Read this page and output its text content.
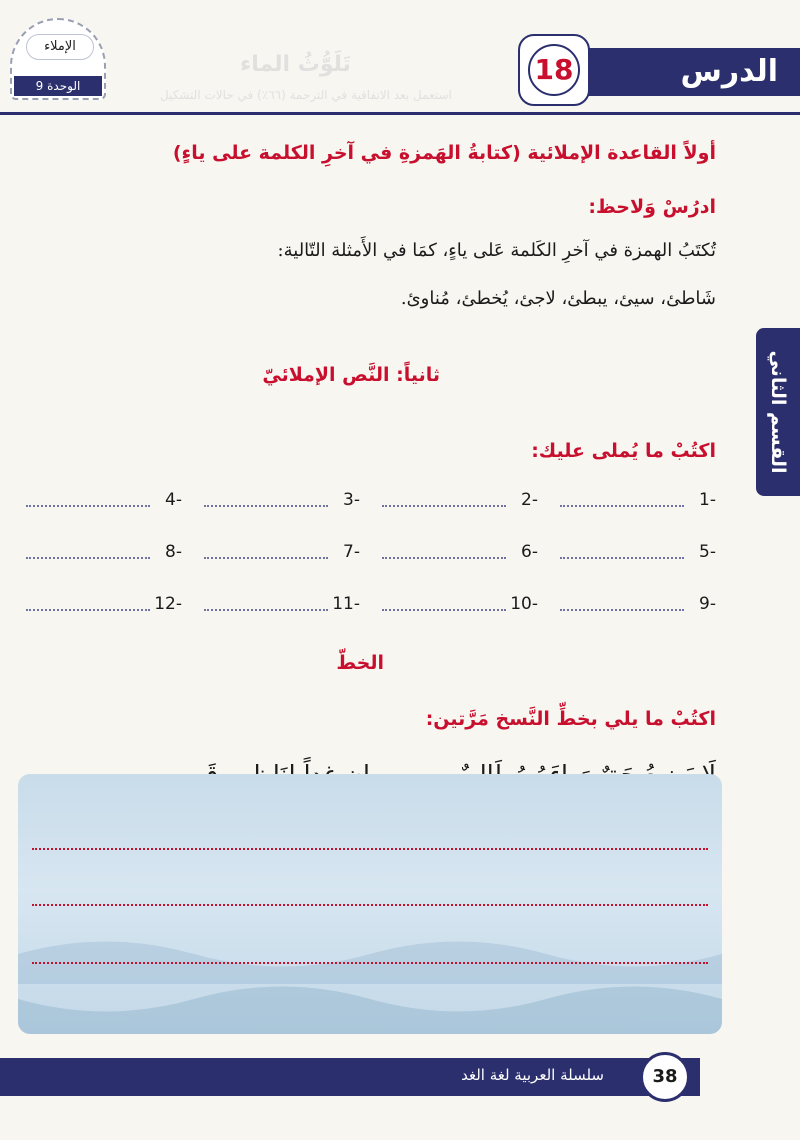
تَلَوُّثُ الماء
استعمل بعد الاتفاقية في الترجمة (٦٦٪) في حالات التشكيل
الإملاء
الوحدة 9	الدرس
18
القسم الثاني
أولاً القاعدة الإملائية (كتابةُ الهَمزةِ في آخرِ الكلمة على ياءٍ)
ادرُسْ وَلاحظ:
تُكتَبُ الهمزة في آخرِ الكَلمة عَلى ياءٍ، كمَا في الأَمثلة التّالية:
شَاطئ، سيئ، يبطئ، لاجئ، يُخطئ، مُناوئ.
ثانياً: النَّص الإملائيّ
اكتُبْ ما يُملى عليك:
1-
2-
3-
4-
5-
6-
7-
8-
9-
10-
11-
12-
الخطّ
اكتُبْ ما يلي بخطِّ النَّسخ مَرَّتين:
سلسلة العربية لغة الغد	38
